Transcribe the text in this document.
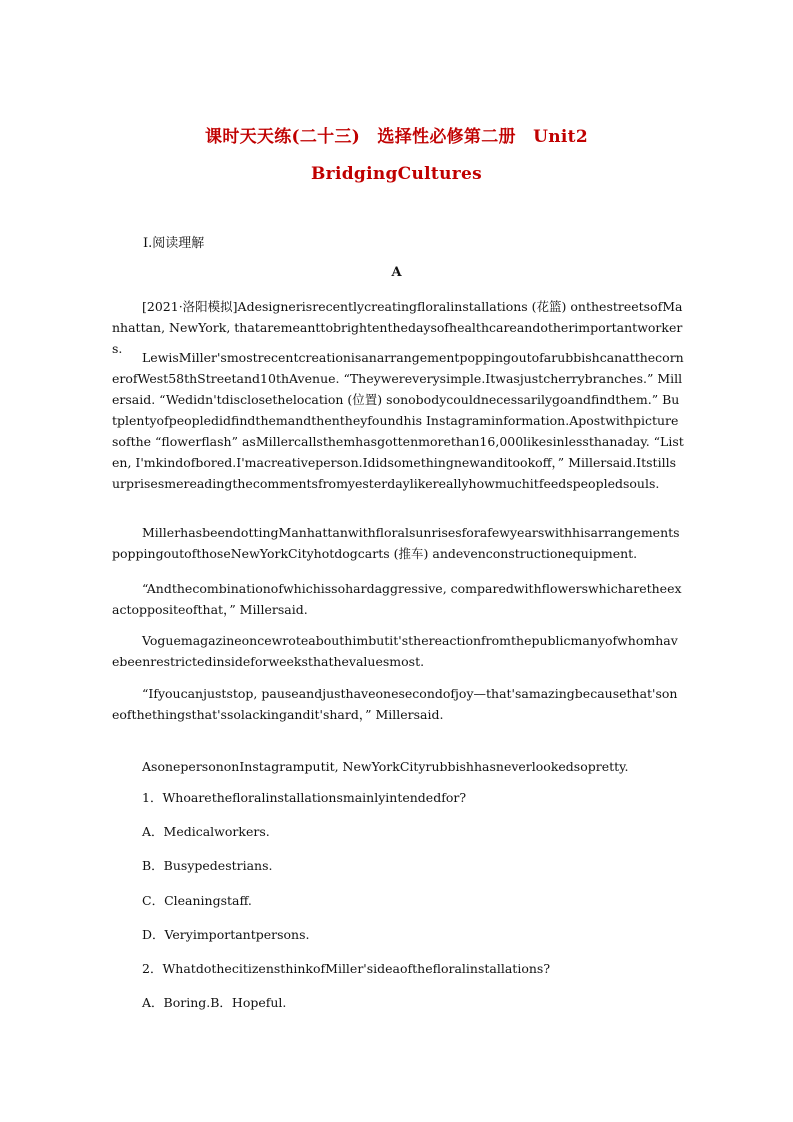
课时天天练(二十三)　选择性必修第二册　Unit2
BridgingCultures
Ⅰ.阅读理解
A
[2021·洛阳模拟]Adesignerisrecentlycreatingfloralinstallations (花篮) onthestreetsofManhattan, NewYork, thataremeanttobrightenthedaysofhealthcareandotherimportantworkers.
LewisMiller'smostrecentcreationisanarrangementpoppingoutofarubbishcanatthecornerofWest58thStreetand10thAvenue. “Theywereverysimple.Itwasjustcherrybranches.” Millersaid. “Wedidn'tdisclosethelocation (位置) sonobodycouldnecessarilygoandfindthem.” Butplentyofpeopledidfindthemandthentheyfoundhis Instagraminformation.Apostwithpicturesofthe “flowerflash” asMillercallsthemhasgottenmorethan16,000likesinlessthanaday. “Listen, I'mkindofbored.I'macreativeperson.Ididsomethingnewanditookoff，” Millersaid.Itstillsurprisesmereadingthecommentsfromyesterdaylikereallyhowmuchitfeedspeopledsouls.
MillerhasbeendottingManhattanwithfloralsunrisesforafewyearswithhisarrangementspoppingoutofthoseNewYorkCityhotdogcarts (推车) andevenconstructionequipment.
“Andthecombinationofwhichissohardaggressive, comparedwithflowerswhicharetheexactoppositeofthat，” Millersaid.
Voguemagazineoncewroteabouthimbutit'sthereactionfromthepublicmanyofwhomhavebeenrestrictedinsideforweeksthathevaluesmost.
“Ifyoucanjuststop, pauseandjusthaveonesecondofjoy—that'samazingbecausethat'soneofthethingsthat'ssolackingandit'shard，” Millersaid.
AsonepersononInstagramputit, NewYorkCityrubbishhasneverlookedsopretty.
1．Whoarethefloralinstallationsmainlyintendedfor?
A．Medicalworkers.
B．Busypedestrians.
C．Cleaningstaff.
D．Veryimportantpersons.
2．WhatdothecitizensthinkofMiller'sideaofthefloralinstallations?
A．Boring.B．Hopeful.
